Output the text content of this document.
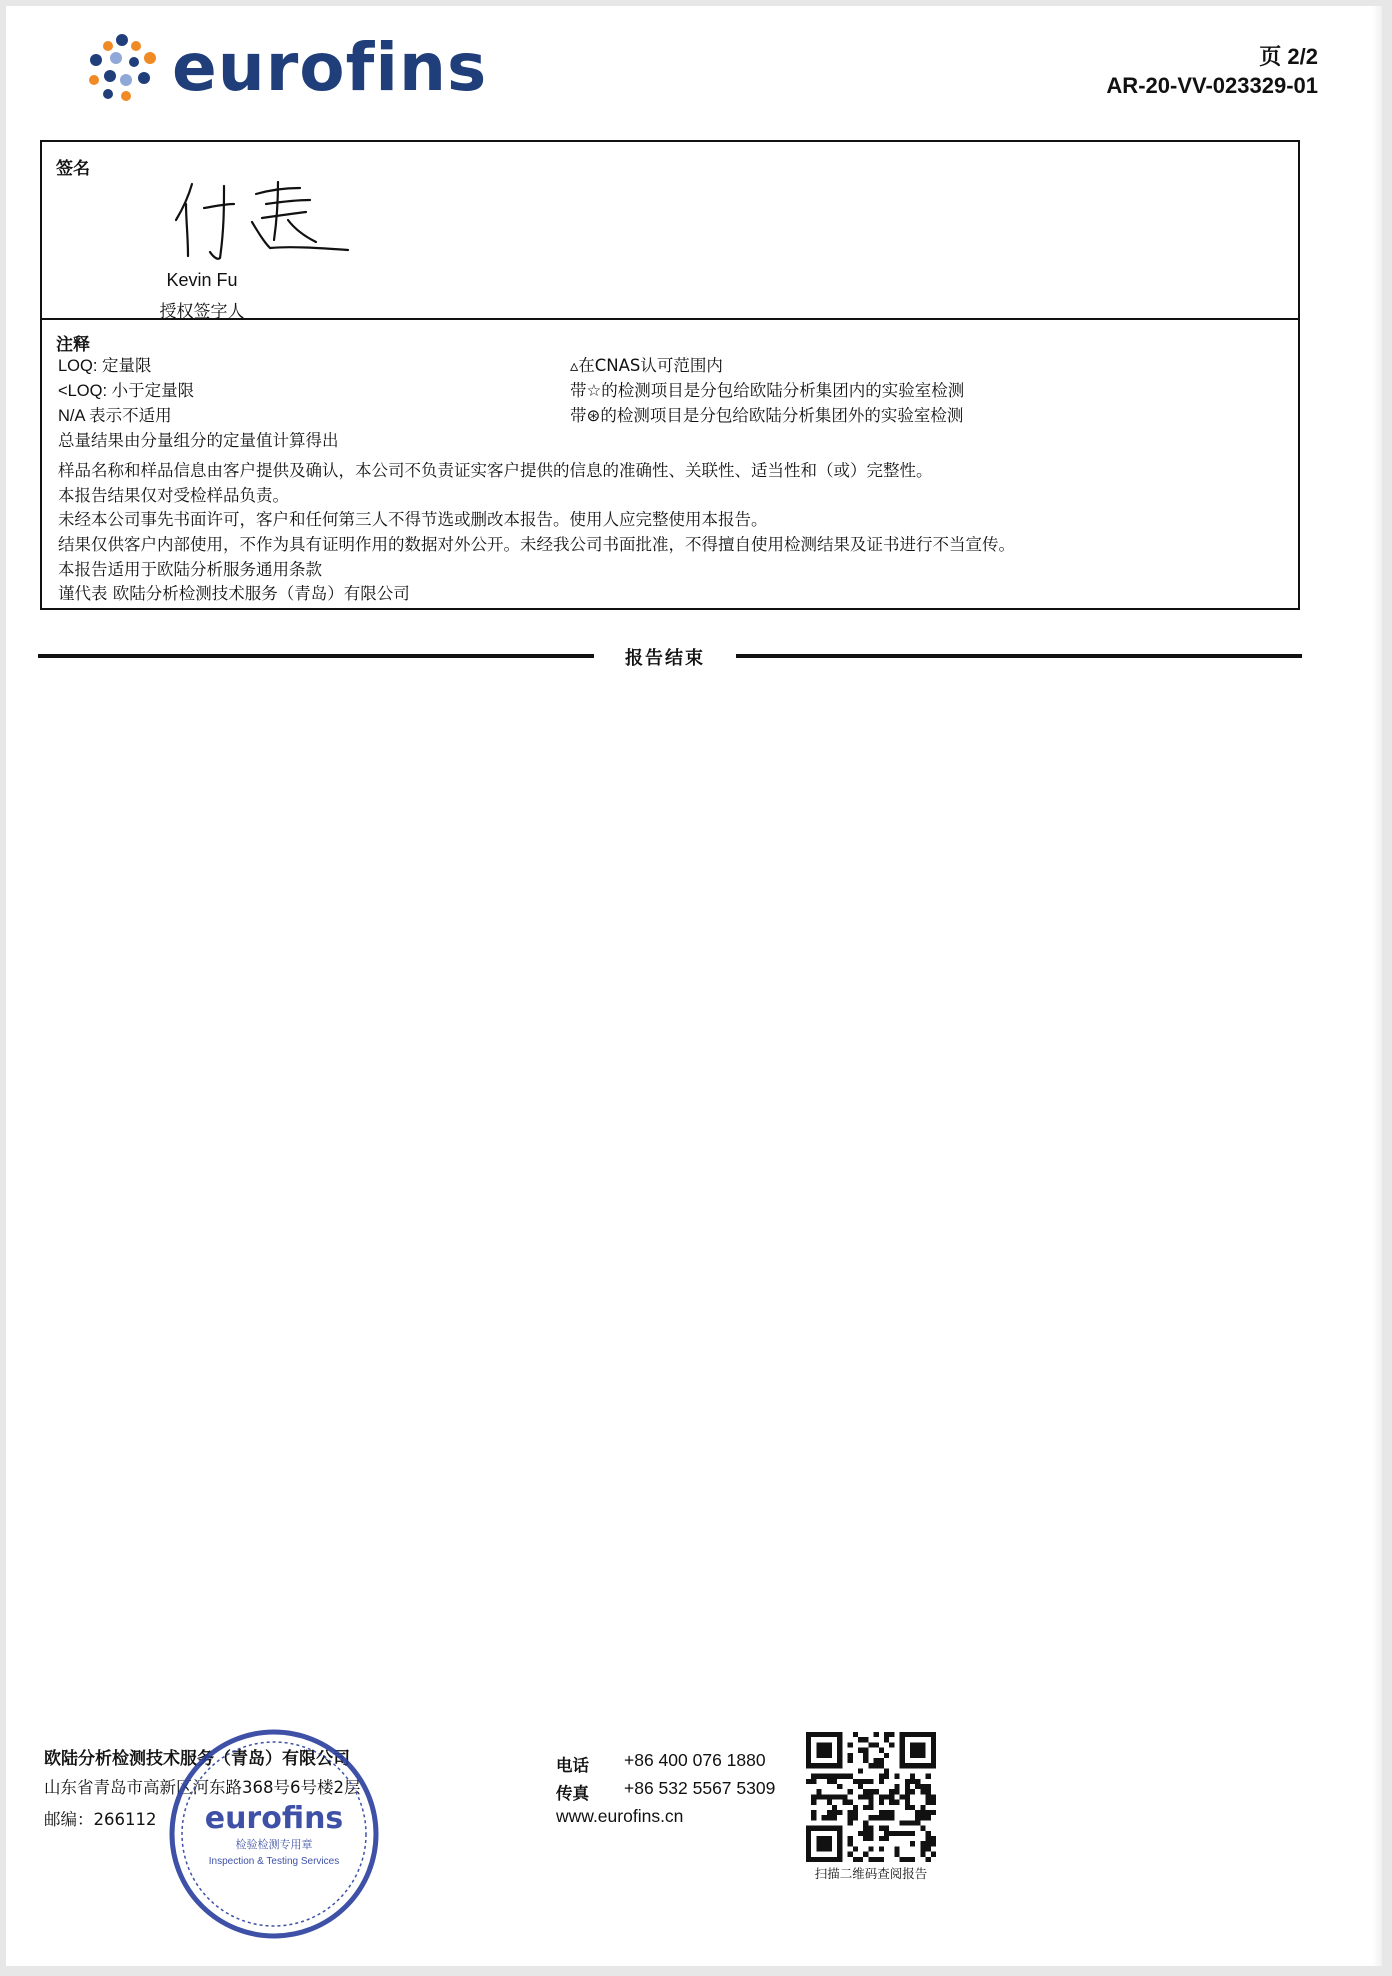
eurofins	页 2/2
AR-20-VV-023329-01
签名
Kevin Fu
授权签字人
注释
LOQ: 定量限
<LOQ: 小于定量限
N/A 表示不适用
总量结果由分量组分的定量值计算得出
▵在CNAS认可范围内
带☆的检测项目是分包给欧陆分析集团内的实验室检测
带⊛的检测项目是分包给欧陆分析集团外的实验室检测
样品名称和样品信息由客户提供及确认，本公司不负责证实客户提供的信息的准确性、关联性、适当性和（或）完整性。
本报告结果仅对受检样品负责。
未经本公司事先书面许可，客户和任何第三人不得节选或删改本报告。使用人应完整使用本报告。
结果仅供客户内部使用，不作为具有证明作用的数据对外公开。未经我公司书面批准，不得擅自使用检测结果及证书进行不当宣传。
本报告适用于欧陆分析服务通用条款
谨代表 欧陆分析检测技术服务（青岛）有限公司
报告结束
欧陆分析检测技术服务（青岛）有限公司
山东省青岛市高新区河东路368号6号楼2层
邮编：266112 eurofins
检验检测专用章
Inspection & Testing Services
电话 +86 400 076 1880
传真 +86 532 5567 5309
www.eurofins.cn
扫描二维码查阅报告
